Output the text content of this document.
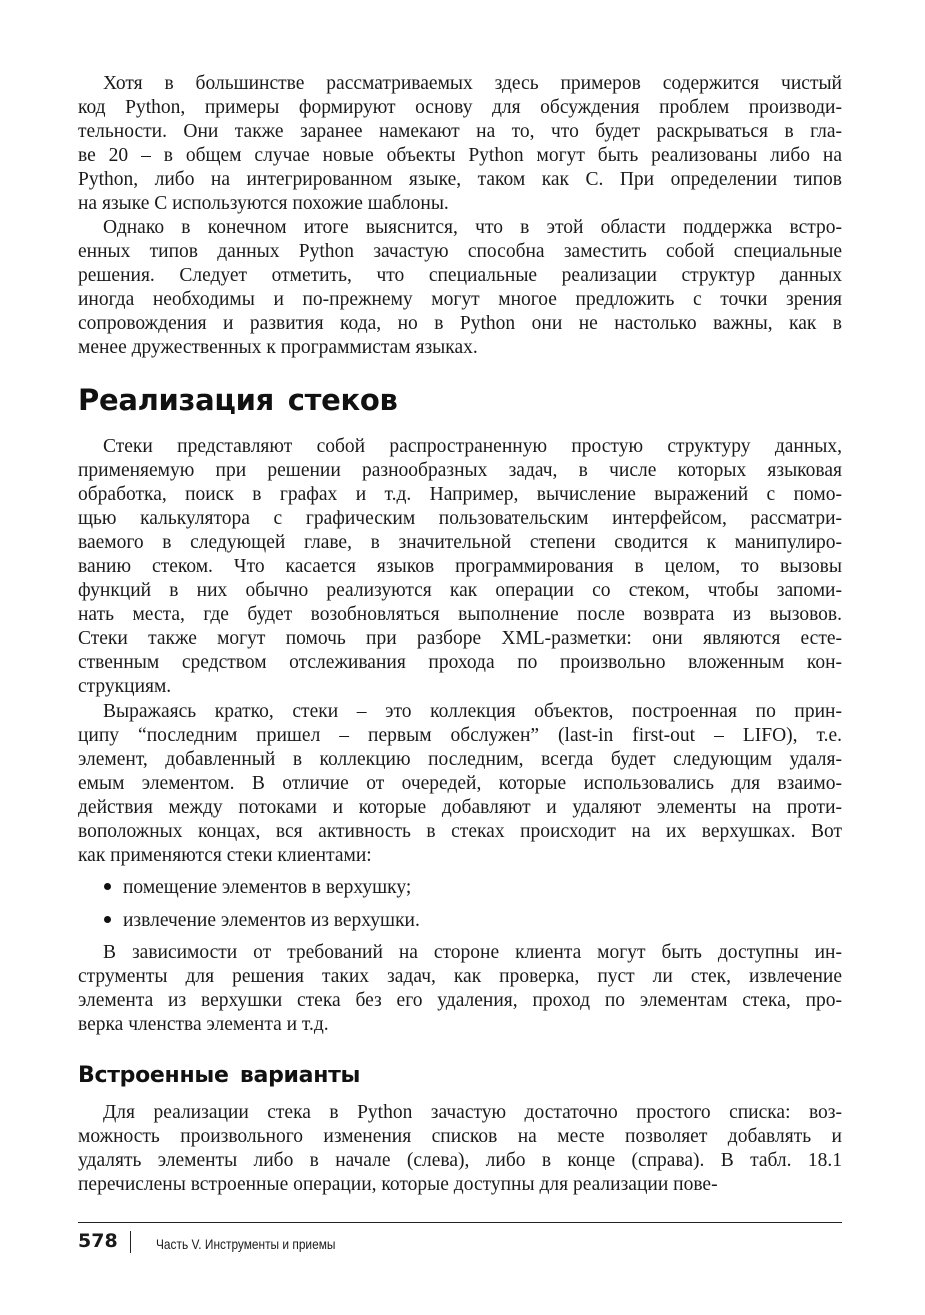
Хотя в большинстве рассматриваемых здесь примеров содержится чистый
код Python, примеры формируют основу для обсуждения проблем производи-
тельности. Они также заранее намекают на то, что будет раскрываться в гла-
ве 20 – в общем случае новые объекты Python могут быть реализованы либо на
Python, либо на интегрированном языке, таком как C. При определении типов
на языке C используются похожие шаблоны.
Однако в конечном итоге выяснится, что в этой области поддержка встро-
енных типов данных Python зачастую способна заместить собой специальные
решения. Следует отметить, что специальные реализации структур данных
иногда необходимы и по-прежнему могут многое предложить с точки зрения
сопровождения и развития кода, но в Python они не настолько важны, как в
менее дружественных к программистам языках.
Реализация стеков
Стеки представляют собой распространенную простую структуру данных,
применяемую при решении разнообразных задач, в числе которых языковая
обработка, поиск в графах и т.д. Например, вычисление выражений с помо-
щью калькулятора с графическим пользовательским интерфейсом, рассматри-
ваемого в следующей главе, в значительной степени сводится к манипулиро-
ванию стеком. Что касается языков программирования в целом, то вызовы
функций в них обычно реализуются как операции со стеком, чтобы запоми-
нать места, где будет возобновляться выполнение после возврата из вызовов.
Стеки также могут помочь при разборе XML-разметки: они являются есте-
ственным средством отслеживания прохода по произвольно вложенным кон-
струкциям.
Выражаясь кратко, стеки – это коллекция объектов, построенная по прин-
ципу “последним пришел – первым обслужен” (last-in first-out – LIFO), т.е.
элемент, добавленный в коллекцию последним, всегда будет следующим удаля-
емым элементом. В отличие от очередей, которые использовались для взаимо-
действия между потоками и которые добавляют и удаляют элементы на проти-
воположных концах, вся активность в стеках происходит на их верхушках. Вот
как применяются стеки клиентами:
помещение элементов в верхушку;
извлечение элементов из верхушки.
В зависимости от требований на стороне клиента могут быть доступны ин-
струменты для решения таких задач, как проверка, пуст ли стек, извлечение
элемента из верхушки стека без его удаления, проход по элементам стека, про-
верка членства элемента и т.д.
Встроенные варианты
Для реализации стека в Python зачастую достаточно простого списка: воз-
можность произвольного изменения списков на месте позволяет добавлять и
удалять элементы либо в начале (слева), либо в конце (справа). В табл. 18.1
перечислены встроенные операции, которые доступны для реализации пове-
578	Часть V. Инструменты и приемы
